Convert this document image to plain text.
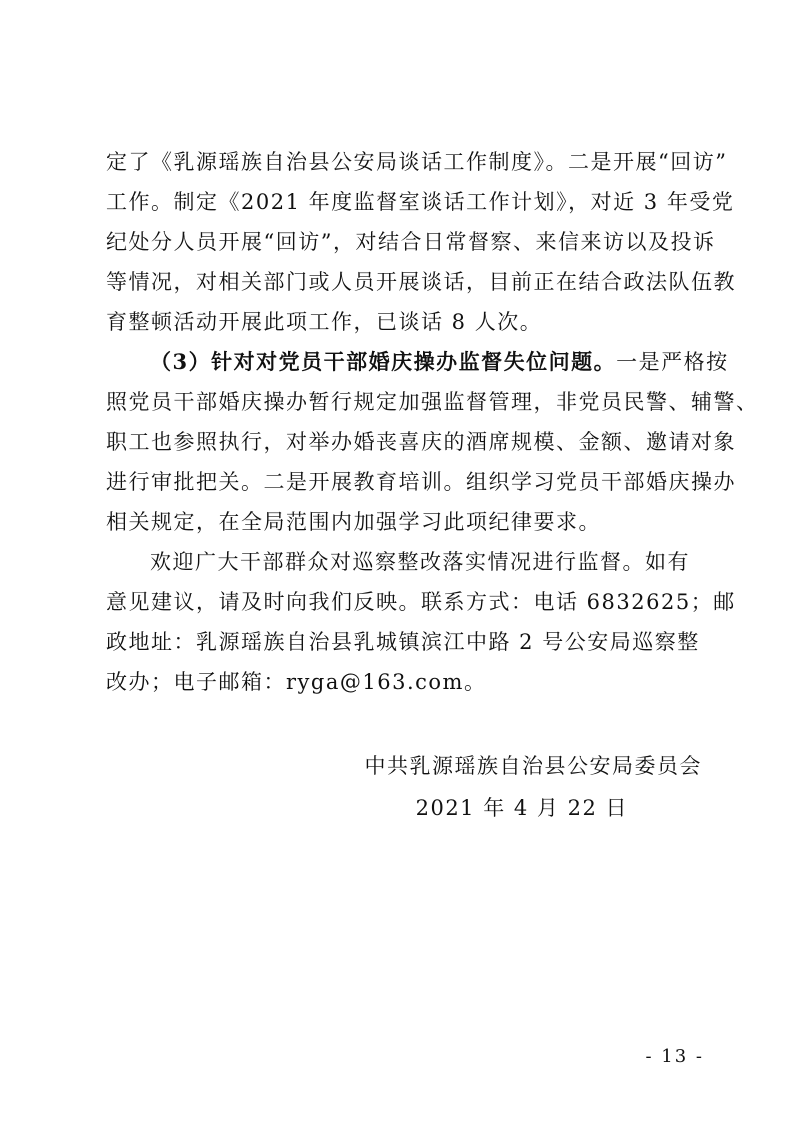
定了《乳源瑶族自治县公安局谈话工作制度》。二是开展“回访”
工作。制定《2021 年度监督室谈话工作计划》，对近 3 年受党
纪处分人员开展“回访”，对结合日常督察、来信来访以及投诉
等情况，对相关部门或人员开展谈话，目前正在结合政法队伍教
育整顿活动开展此项工作，已谈话 8 人次。
（3）针对对党员干部婚庆操办监督失位问题。一是严格按
照党员干部婚庆操办暂行规定加强监督管理，非党员民警、辅警、
职工也参照执行，对举办婚丧喜庆的酒席规模、金额、邀请对象
进行审批把关。二是开展教育培训。组织学习党员干部婚庆操办
相关规定，在全局范围内加强学习此项纪律要求。
欢迎广大干部群众对巡察整改落实情况进行监督。如有
意见建议，请及时向我们反映。联系方式：电话 6832625；邮
政地址：乳源瑶族自治县乳城镇滨江中路 2 号公安局巡察整
改办；电子邮箱：ryga@163.com。
中共乳源瑶族自治县公安局委员会
2021 年 4 月 22 日
- 13 -
